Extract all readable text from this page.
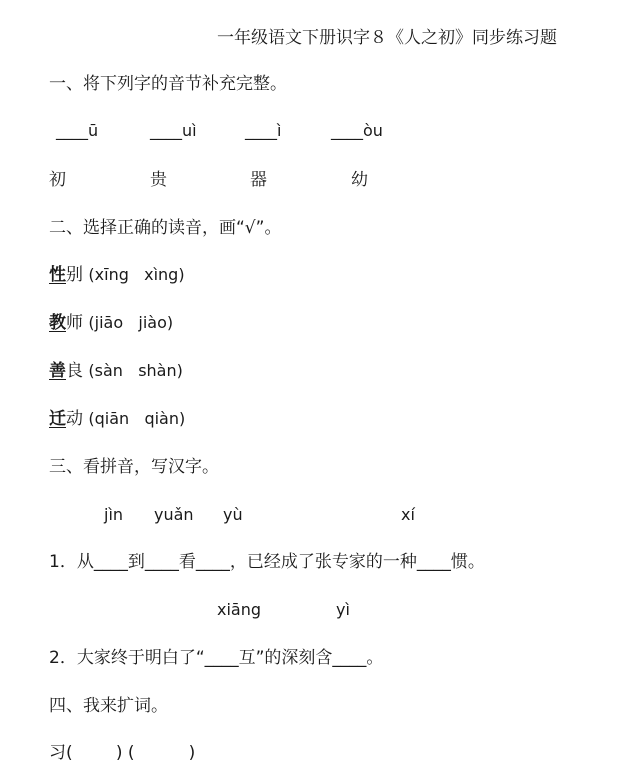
一年级语文下册识字８《人之初》同步练习题
一、将下列字的音节补充完整。
____ū	____uì	____ì	____òu
初	贵	器	幼
二、选择正确的读音，画“√”。
性别 (xīng   xìng)
教师 (jiāo   jiào)
善良 (sàn   shàn)
迁动 (qiān   qiàn)
三、看拼音，写汉字。
jìn yuǎn yù	xí
1．从____到____看____，已经成了张专家的一种____惯。
xiāng	yì
2．大家终于明白了“____互”的深刻含____。
四、我来扩词。
习(        ) (          )
